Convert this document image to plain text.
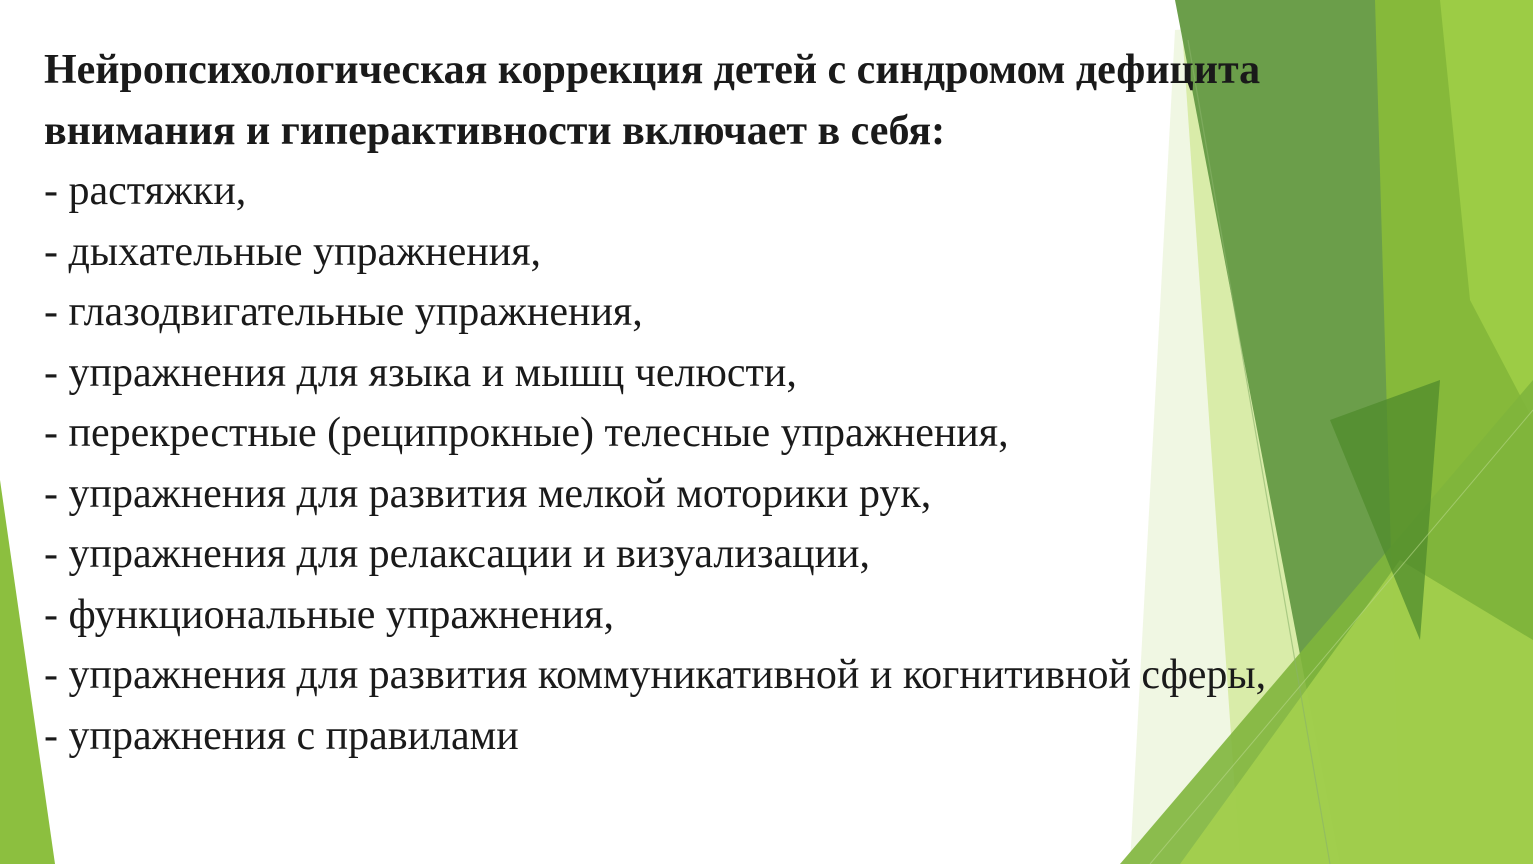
Нейропсихологическая коррекция детей с синдромом дефицита
внимания и гиперактивности включает в себя:
- растяжки,
- дыхательные упражнения,
- глазодвигательные упражнения,
- упражнения для языка и мышц челюсти,
- перекрестные (реципрокные) телесные упражнения,
- упражнения для развития мелкой моторики рук,
- упражнения для релаксации и визуализации,
- функциональные упражнения,
- упражнения для развития коммуникативной и когнитивной сферы,
- упражнения с правилами
